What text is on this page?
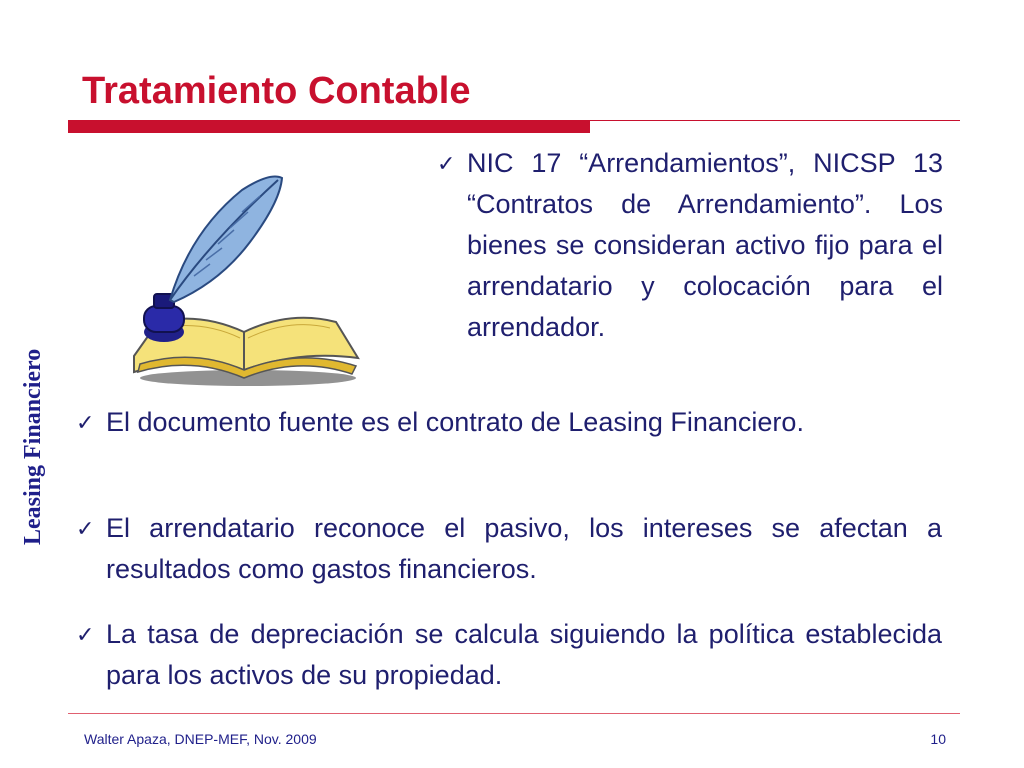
Tratamiento Contable
Leasing Financiero
✓ NIC 17 “Arrendamientos”, NICSP 13 “Contratos de Arrendamiento”. Los bienes se consideran activo fijo para el arrendatario y colocación para el arrendador.
✓ El documento fuente es el contrato de Leasing Financiero.
✓ El arrendatario reconoce el pasivo, los intereses se afectan a resultados como gastos financieros.
✓ La tasa de depreciación se calcula siguiendo la política establecida para los activos de su propiedad.
Walter Apaza, DNEP-MEF, Nov. 2009	10
